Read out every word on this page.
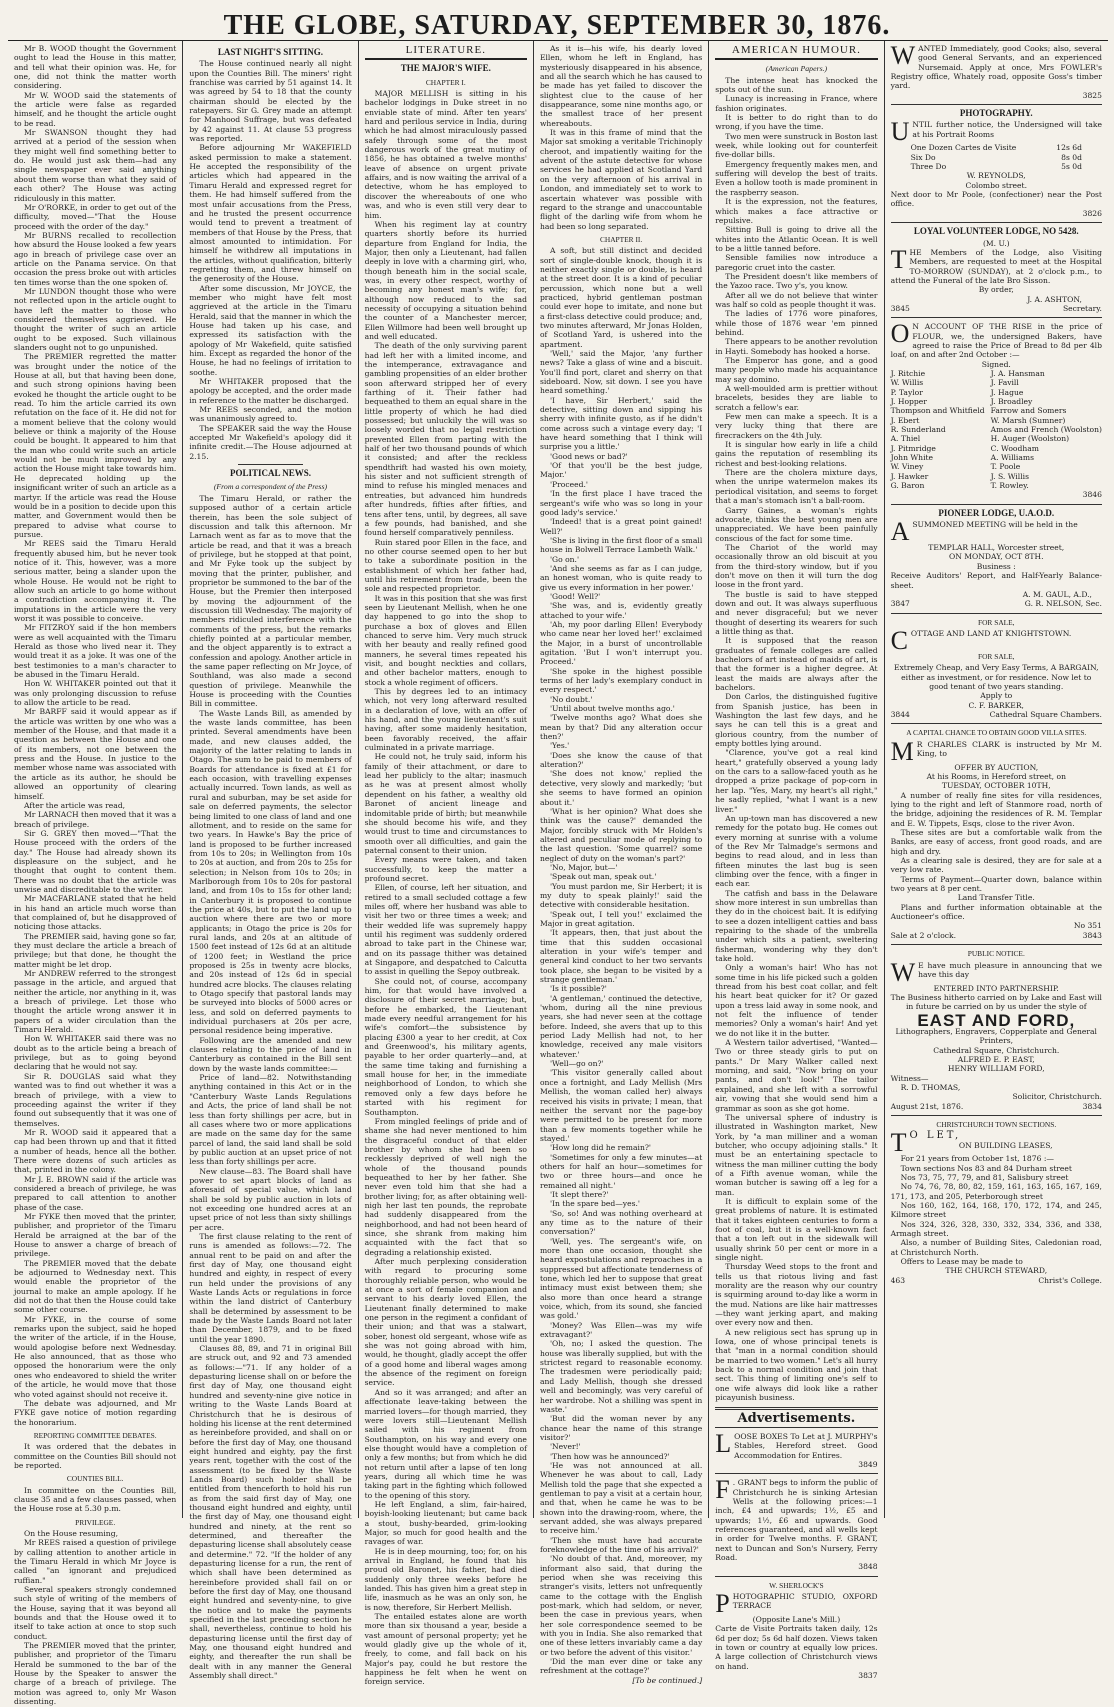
THE GLOBE, SATURDAY, SEPTEMBER 30, 1876.

Mr B. WOOD thought the Government ought to lead the House in this matter, and tell what their opinion was. He, for one, did not think the matter worth considering.

Mr W. WOOD said the statements of the article were false as regarded himself, and he thought the article ought to be read.

Mr SWANSON thought they had arrived at a period of the session when they might well find something better to do. He would just ask them—had any single newspaper ever said anything about them worse than what they said of each other? The House was acting ridiculously in this matter.

Mr O'RORKE, in order to get out of the difficulty, moved—"That the House proceed with the order of the day."

Mr BURNS recalled to recollection how absurd the House looked a few years ago in breach of privilege case over an article on the Panama service. On that occasion the press broke out with articles ten times worse than the one spoken of.

Mr LUNDON thought those who were not reflected upon in the article ought to have left the matter to those who considered themselves aggrieved. He thought the writer of such an article ought to be exposed. Such villainous slanders ought not to go unpunished.

The PREMIER regretted the matter was brought under the notice of the House at all, but that having been done, and such strong opinions having been evoked he thought the article ought to be read. To him the article carried its own refutation on the face of it. He did not for a moment believe that the colony would believe or think a majority of the House could be bought. It appeared to him that the man who could write such an article would not be much improved by any action the House might take towards him. He deprecated holding up the insignificant writer of such an article as a martyr. If the article was read the House would be in a position to decide upon this matter, and Government would then be prepared to advise what course to pursue.

Mr REES said the Timaru Herald frequently abused him, but he never took notice of it. This, however, was a more serious matter, being a slander upon the whole House. He would not be right to allow such an article to go home without a contradiction accompanying it. The imputations in the article were the very worst it was possible to conceive.

Mr FITZROY said if the hon members were as well acquainted with the Timaru Herald as those who lived near it. They would treat it as a joke. It was one of the best testimonies to a man's character to be abused in the Timaru Herald.

Hon W. WHITAKER pointed out that it was only prolonging discussion to refuse to allow the article to be read.

Mr BARFF said it would appear as if the article was written by one who was a member of the House, and that made it a question as between the House and one of its members, not one between the press and the House. In justice to the member whose name was associated with the article as its author, he should be allowed an opportunity of clearing himself.

After the article was read,

Mr LARNACH then moved that it was a breach of privilege.

Sir G. GREY then moved—"That the House proceed with the orders of the day." The House had already shown its displeasure on the subject, and he thought that ought to content them. There was no doubt that the article was unwise and discreditable to the writer.

Mr MACFARLANE stated that he held in his hand an article much worse than that complained of, but he disapproved of noticing those attacks.

The PREMIER said, having gone so far, they must declare the article a breach of privilege; but that done, he thought the matter might be let drop.

Mr ANDREW referred to the strongest passage in the article, and argued that neither the article, nor anything in it, was a breach of privilege. Let those who thought the article wrong answer it in papers of a wider circulation than the Timaru Herald.

Hon W. WHITAKER said there was no doubt as to the article being a breach of privilege, but as to going beyond declaring that he would not say.

Sir R. DOUGLAS said what they wanted was to find out whether it was a breach of privilege, with a view to proceeding against the writer if they found out subsequently that it was one of themselves.

Mr R. WOOD said it appeared that a cap had been thrown up and that it fitted a number of heads, hence all the bother. There were dozens of such articles as that, printed in the colony.

Mr J. E. BROWN said if the article was considered a breach of privilege, he was prepared to call attention to another phase of the case.

Mr FYKE then moved that the printer, publisher, and proprietor of the Timaru Herald be arraigned at the bar of the House to answer a charge of breach of privilege.

The PREMIER moved that the debate be adjourned to Wednesday next. This would enable the proprietor of the journal to make an ample apology. If he did not do that then the House could take some other course.

Mr FYKE, in the course of some remarks upon the subject, said he hoped the writer of the article, if in the House, would apologise before next Wednesday. He also announced, that as those who opposed the honorarium were the only ones who endeavored to shield the writer of the article, he would move that those who voted against should not receive it.

The debate was adjourned, and Mr FYKE gave notice of motion regarding the honorarium.

REPORTING COMMITTEE DEBATES.

It was ordered that the debates in committee on the Counties Bill should not be reported.

COUNTIES BILL.

In committee on the Counties Bill, clause 35 and a few clauses passed, when the House rose at 5.30 p.m.

PRIVILEGE.

On the House resuming,

Mr REES raised a question of privilege by calling attention to another article in the Timaru Herald in which Mr Joyce is called "an ignorant and prejudiced ruffian."

Several speakers strongly condemned such style of writing of the members of the House, saying that it was beyond all bounds and that the House owed it to itself to take action at once to stop such conduct.

The PREMIER moved that the printer, publisher, and proprietor of the Timaru Herald be summoned to the bar of the House by the Speaker to answer the charge of a breach of privilege. The motion was agreed to, only Mr Wason dissenting.

LAST NIGHT'S SITTING.

The House continued nearly all night upon the Counties Bill. The miners' right franchise was carried by 51 against 14. It was agreed by 54 to 18 that the county chairman should be elected by the ratepayers. Sir G. Grey made an attempt for Manhood Suffrage, but was defeated by 42 against 11. At clause 53 progress was reported.

Before adjourning Mr WAKEFIELD asked permission to make a statement. He accepted the responsibility of the articles which had appeared in the Timaru Herald and expressed regret for them. He had himself suffered from the most unfair accusations from the Press, and he trusted the present occurrence would tend to prevent a treatment of members of that House by the Press, that almost amounted to intimidation. For himself he withdrew all imputations in the articles, without qualification, bitterly regretting them, and threw himself on the generosity of the House.

After some discussion, Mr JOYCE, the member who might have felt most aggrieved at the article in the Timaru Herald, said that the manner in which the House had taken up his case, and expressed its satisfaction with the apology of Mr Wakefield, quite satisfied him. Except as regarded the honor of the House, he had no feelings of irritation to soothe.

Mr WHITAKER proposed that the apology be accepted, and the order made in reference to the matter be discharged.

Mr REES seconded, and the motion was unanimously agreed to.

The SPEAKER said the way the House accepted Mr Wakefield's apology did it infinite credit.—The House adjourned at 2.15.

POLITICAL NEWS.
(From a correspondent of the Press)

The Timaru Herald, or rather the supposed author of a certain article therein, has been the sole subject of discussion and talk this afternoon. Mr Larnach went as far as to move that the article be read, and that it was a breach of privilege, but he stopped at that point, and Mr Fyke took up the subject by moving that the printer, publisher, and proprietor be summoned to the bar of the House, but the Premier then interposed by moving the adjournment of the discussion till Wednesday. The majority of members ridiculed interference with the comments of the press, but the remarks chiefly pointed at a particular member, and the object apparently is to extract a confession and apology. Another article in the same paper reflecting on Mr Joyce, of Southland, was also made a second question of privilege. Meanwhile the House is proceeding with the Counties Bill in committee.

The Waste Lands Bill, as amended by the waste lands committee, has been printed. Several amendments have been made, and new clauses added, the majority of the latter relating to lands in Otago. The sum to be paid to members of Boards for attendance is fixed at £1 for each occasion, with travelling expenses actually incurred. Town lands, as well as rural and suburban, may be set aside for sale on deferred payments, the selector being limited to one class of land and one allotment, and to reside on the same for two years. In Hawke's Bay the price of land is proposed to be further increased from 10s to 20s; in Wellington from 10s to 20s at auction, and from 20s to 25s for selection; in Nelson from 10s to 20s; in Marlborough from 10s to 20s for pastoral land, and from 10s to 15s for other land; in Canterbury it is proposed to continue the price at 40s, but to put the land up to auction where there are two or more applicants; in Otago the price is 20s for rural lands, and 20s at an altitude of 1500 feet instead of 12s 6d at an altitude of 1200 feet; in Westland the price proposed is 25s in twenty acre blocks, and 20s instead of 12s 6d in special hundred acre blocks. The clauses relating to Otago specify that pastoral lands may be surveyed into blocks of 5000 acres or less, and sold on deferred payments to individual purchasers at 20s per acre, personal residence being imperative.

Following are the amended and new clauses relating to the price of land in Canterbury as contained in the Bill sent down by the waste lands committee:—

Price of land—82. Notwithstanding anything contained in this Act or in the "Canterbury Waste Lands Regulations and Acts, the price of land shall be not less than forty shillings per acre, but in all cases where two or more applications are made on the same day for the same parcel of land, the said land shall be sold by public auction at an upset price of not less than forty shillings per acre.

New clause—83. The Board shall have power to set apart blocks of land as aforesaid of special value, which land shall be sold by public auction in lots of not exceeding one hundred acres at an upset price of not less than sixty shillings per acre.

The first clause relating to the rent of runs is amended as follows:—72. The annual rent to be paid on and after the first day of May, one thousand eight hundred and eighty, in respect of every run held under the provisions of any Waste Lands Acts or regulations in force within the land district of Canterbury shall be determined by assessment to be made by the Waste Lands Board not later than December, 1879, and to be fixed until the year 1890.

Clauses 88, 89, and 71 in original Bill are struck out, and 92 and 73 amended as follows:—"71. If any holder of a depasturing license shall on or before the first day of May, one thousand eight hundred and seventy-nine give notice in writing to the Waste Lands Board at Christchurch that he is desirous of holding his license at the rent determined as hereinbefore provided, and shall on or before the first day of May, one thousand eight hundred and eighty, pay the first years rent, together with the cost of the assessment (to be fixed by the Waste Lands Board) such holder shall be entitled from thenceforth to hold his run as from the said first day of May, one thousand eight hundred and eighty, until the first day of May, one thousand eight hundred and ninety, at the rent so determined, and thereafter the depasturing license shall absolutely cease and determine." 72. "If the holder of any depasturing license for a run, the rent of which shall have been determined as hereinbefore provided shall fail on or before the first day of May, one thousand eight hundred and seventy-nine, to give the notice and to make the payments specified in the last preceding section he shall, nevertheless, continue to hold his depasturing license until the first day of May, one thousand eight hundred and eighty, and thereafter the run shall be dealt with in any manner the General Assembly shall direct."

LITERATURE.
THE MAJOR'S WIFE.
CHAPTER I.

MAJOR MELLISH is sitting in his bachelor lodgings in Duke street in no enviable state of mind. After ten years' hard and perilous service in India, during which he had almost miraculously passed safely through some of the most dangerous work of the great mutiny of 1856, he has obtained a twelve months' leave of absence on urgent private affairs, and is now waiting the arrival of a detective, whom he has employed to discover the whereabouts of one who was, and who is even still very dear to him.

When his regiment lay at country quarters shortly before its hurried departure from England for India, the Major, then only a Lieutenant, had fallen deeply in love with a charming girl, who, though beneath him in the social scale, was, in every other respect, worthy of becoming any honest man's wife; for, although now reduced to the sad necessity of occupying a situation behind the counter of a Manchester mercer, Ellen Willmore had been well brought up and well educated.

The death of the only surviving parent had left her with a limited income, and the intemperance, extravagance and gambling propensities of an elder brother soon afterward stripped her of every farthing of it. Their father had bequeathed to them an equal share in the little property of which he had died possessed; but unluckily the will was so loosely worded that no legal restriction prevented Ellen from parting with the half of her two thousand pounds of which it consisted; and after the reckless spendthrift had wasted his own moiety, his sister and not sufficient strength of mind to refuse his mingled menaces and entreaties, but advanced him hundreds after hundreds, fifties after fifties, and tens after tens, until, by degrees, all save a few pounds, had banished, and she found herself comparatively penniless.

Ruin stared poor Ellen in the face, and no other course seemed open to her but to take a subordinate position in the establishment of which her father had, until his retirement from trade, been the sole and respected proprietor.

It was in this position that she was first seen by Lieutenant Mellish, when he one day happened to go into the shop to purchase a box of gloves and Ellen chanced to serve him. Very much struck with her beauty and really refined good manners, he several times repeated his visit, and bought neckties and collars, and other bachelor matters, enough to stock a whole regiment of officers.

This by degrees led to an intimacy which, not very long afterward resulted in a declaration of love, with an offer of his hand, and the young lieutenant's suit having, after some maidenly hesitation, been favorably received, the affair culminated in a private marriage.

He could not, he truly said, inform his family of their attachment, or dare to lead her publicly to the altar; inasmuch as he was at present almost wholly dependent on his father, a wealthy old Baronet of ancient lineage and indomitable pride of birth; but meanwhile she should become his wife, and they would trust to time and circumstances to smooth over all difficulties, and gain the paternal consent to their union.

Every means were taken, and taken successfully, to keep the matter a profound secret.

Ellen, of course, left her situation, and retired to a small secluded cottage a few miles off, where her husband was able to visit her two or three times a week; and their wedded life was supremely happy until his regiment was suddenly ordered abroad to take part in the Chinese war, and on its passage thither was detained at Singapore, and despatched to Calcutta to assist in quelling the Sepoy outbreak.

She could not, of course, accompany him, for that would have involved a disclosure of their secret marriage; but, before he embarked, the Lieutenant made every needful arrangement for his wife's comfort—the subsistence by placing £300 a year to her credit, at Cox and Greenwood's, his military agents, payable to her order quarterly—and, at the same time taking and furnishing a small house for her, in the immediate neighborhood of London, to which she removed only a few days before he started with his regiment for Southampton.

From mingled feelings of pride and of shame she had never mentioned to him the disgraceful conduct of that elder brother by whom she had been so recklessly deprived of well nigh the whole of the thousand pounds bequeathed to her by her father. She never even told him that she had a brother living; for, as after obtaining well-nigh her last ten pounds, the reprobate had suddenly disappeared from the neighborhood, and had not been heard of since, she shrank from making him acquainted with the fact that so degrading a relationship existed.

After much perplexing consideration with regard to procuring some thoroughly reliable person, who would be at once a sort of female companion and servant to his dearly loved Ellen, the Lieutenant finally determined to make one person in the regiment a confidant of their union; and that was a stalwart, sober, honest old sergeant, whose wife as she was not going abroad with him, would, he thought, gladly accept the offer of a good home and liberal wages among the absence of the regiment on foreign service.

And so it was arranged; and after an affectionate leave-taking between the married lovers—for though married, they were lovers still—Lieutenant Mellish sailed with his regiment from Southampton, on his way and every one else thought would have a completion of only a few months; but from which he did not return until after a lapse of ten long years, during all which time he was taking part in the fighting which followed to the opening of this story.

He left England, a slim, fair-haired, boyish-looking lieutenant; but came back a stout, bushy-bearded, grim-looking Major, so much for good health and the ravages of war.

He is in deep mourning, too; for, on his arrival in England, he found that his proud old Baronet, his father, had died suddenly only three weeks before he landed. This has given him a great step in life, inasmuch as he was an only son, he is now, therefore, Sir Herbert Mellish.

The entailed estates alone are worth more than six thousand a year, beside a vast amount of personal property; yet he would gladly give up the whole of it, freely, to come, and fall back on his Major's pay, could he but restore the happiness he felt when he went on foreign service.

As it is—his wife, his dearly loved Ellen, whom he left in England, has mysteriously disappeared in his absence, and all the search which he has caused to be made has yet failed to discover the slightest clue to the cause of her disappearance, some nine months ago, or the smallest trace of her present whereabouts.

It was in this frame of mind that the Major sat smoking a veritable Trichinoply cheroot, and impatiently waiting for the advent of the astute detective for whose services he had applied at Scotland Yard on the very afternoon of his arrival in London, and immediately set to work to ascertain whatever was possible with regard to the strange and unaccountable flight of the darling wife from whom he had been so long separated.

CHAPTER II.

A soft, but still distinct and decided sort of single-double knock, though it is neither exactly single or double, is heard at the street door. It is a kind of peculiar percussion, which none but a well practiced, hybrid gentleman postman could ever hope to imitate, and none but a first-class detective could produce; and, two minutes afterward, Mr Jonas Holden, of Scotland Yard, is ushered into the apartment.

'Well,' said the Major, 'any further news? Take a glass of wine and a biscuit. You'll find port, claret and sherry on that sideboard. Now, sit down. I see you have heard something.'

'I have, Sir Herbert,' said the detective, sitting down and sipping his sherry with infinite gusto, as if he didn't come across such a vintage every day; 'I have heard something that I think will surprise you a little.'

'Good news or bad?'

'Of that you'll be the best judge, Major.'

'Proceed.'

'In the first place I have traced the sergeant's wife who was so long in your good lady's service.'

'Indeed! that is a great point gained! Well?'

'She is living in the first floor of a small house in Bolwell Terrace Lambeth Walk.'

'Go on.'

'And she seems as far as I can judge, an honest woman, who is quite ready to give us every information in her power.'

'Good! Well?'

'She was, and is, evidently greatly attached to your wife.'

'Ah, my poor darling Ellen! Everybody who came near her loved her!' exclaimed the Major, in a burst of uncontrollable agitation. 'But I won't interrupt you. Proceed.'

'She spoke in the highest possible terms of her lady's exemplary conduct in every respect.'

'No doubt.'

'Until about twelve months ago.'

'Twelve months ago? What does she mean by that? Did any alteration occur then?'

'Yes.'

'Does she know the cause of that alteration?'

'She does not know,' replied the detective, very slowly and markedly; 'but she seems to have formed an opinion about it.'

'What is her opinion? What does she think was the cause?' demanded the Major, forcibly struck with Mr Holden's altered and peculiar mode of replying to the last question. 'Some quarrel? some neglect of duty on the woman's part?'

'No, Major, but—'

'Speak out man, speak out.'

'You must pardon me, Sir Herbert; it is my duty to speak plainly!' said the detective with considerable hesitation.

'Speak out, I tell you!' exclaimed the Major in great agitation.

'It appears, then, that just about the time that this sudden occasional alteration in your wife's temper and general kind conduct to her two servants took place, she began to be visited by a strange gentleman.'

'Is it possible?'

'A gentleman,' continued the detective, 'whom, during all the nine previous years, she had never seen at the cottage before. Indeed, she avers that up to this period Lady Mellish had not, to her knowledge, received any male visitors whatever.'

'Well—go on?'

'This visitor generally called about once a fortnight, and Lady Mellish (Mrs Mellish, the woman called her) always received his visits in private; I mean, that neither the servant nor the page-boy were permitted to be present for more than a few moments together while he stayed.'

'How long did he remain?'

'Sometimes for only a few minutes—at others for half an hour—sometimes for two or three hours—and once he remained all night.'

'It slept there?'

'In the spare bed—yes.'

'So, so! And was nothing overheard at any time as to the nature of their conversation?'

'Well, yes. The sergeant's wife, on more than one occasion, thought she heard expostulations and reproaches in a suppressed but affectionate tenderness of tone, which led her to suppose that great intimacy must exist between them; she also more than once heard a strange voice, which, from its sound, she fancied was gold.'

'Money? Was Ellen—was my wife extravagant?'

'Oh, no; I asked the question. The house was liberally supplied, but with the strictest regard to reasonable economy. The tradesmen were periodically paid; and Lady Mellish, though she dressed well and becomingly, was very careful of her wardrobe. Not a shilling was spent in waste.'

'But did the woman never by any chance hear the name of this strange visitor?'

'Never!'

'Then how was he announced?'

'He was not announced at all. Whenever he was about to call, Lady Mellish told the page that she expected a gentleman to pay a visit at a certain hour, and that, when he came he was to be shown into the drawing-room, where, the servant added, she was always prepared to receive him.'

'Then she must have had accurate foreknowledge of the time of his arrival?'

'No doubt of that. And, moreover, my informant also said, that during the period when she was receiving this stranger's visits, letters not unfrequently came to the cottage with the English post-mark, which had seldom, or never, been the case in previous years, when her sole correspondence seemed to be with you in India. She also remarked that one of these letters invariably came a day or two before the advent of this visitor.'

'Did the man ever dine or take any refreshment at the cottage?'

[To be continued.]

AMERICAN HUMOUR.
(American Papers.)

The intense heat has knocked the spots out of the sun.

Lunacy is increasing in France, where fashion originates.

It is better to do right than to do wrong, if you have the time.

Two men were sunstruck in Boston last week, while looking out for counterfeit five-dollar bills.

Emergency frequently makes men, and suffering will develop the best of traits. Even a hollow tooth is made prominent in the raspberry season.

It is the expression, not the features, which makes a face attractive or repulsive.

Sitting Bull is going to drive all the whites into the Atlantic Ocean. It is well to be a little tanned before.

Sensible families now introduce a paregoric cruet into the caster.

The President doesn't like members of the Yazoo race. Two y's, you know.

After all we do not believe that winter was half so cold as people thought it was.

The ladies of 1776 wore pinafores, while those of 1876 wear 'em pinned behind.

There appears to be another revolution in Hayti. Somebody has hooked a horse.

The Emperor has gone, and a good many people who made his acquaintance may say domino.

A well-moulded arm is prettier without bracelets, besides they are liable to scratch a fellow's ear.

Few men can make a speech. It is a very lucky thing that there are firecrackers on the 4th July.

It is singular how early in life a child gains the reputation of resembling its richest and best-looking relations.

There are the cholera mixture days, when the unripe watermelon makes its periodical visitation, and seems to forget that a man's stomach isn't a ball-room.

Garry Gaines, a woman's rights advocate, thinks the best young men are unappreciated. We have been painfully conscious of the fact for some time.

The Chariot of the world may occasionally throw an old biscuit at you from the third-story window, but if you don't move on then it will turn the dog loose in the front yard.

The bustle is said to have stepped down and out. It was always superfluous and never disgraceful; but we never thought of deserting its wearers for such a little thing as that.

It is supposed that the reason graduates of female colleges are called bachelors of art instead of maids of art, is that the former is a higher degree. At least the maids are always after the bachelors.

Don Carlos, the distinguished fugitive from Spanish justice, has been in Washington the last few days, and he says he can tell this is a great and glorious country, from the number of empty bottles lying around.

"Clarence, you've got a real kind heart," gratefully observed a young lady on the cars to a sallow-faced youth as he dropped a prize package of pop-corn in her lap. "Yes, Mary, my heart's all right," he sadly replied, "what I want is a new liver."

An up-town man has discovered a new remedy for the potato bug. He comes out every morning at sunrise with a volume of the Rev Mr Talmadge's sermons and begins to read aloud, and in less than fifteen minutes the last bug is seen climbing over the fence, with a finger in each ear.

The catfish and bass in the Delaware show more interest in sun umbrellas than they do in the choicest bait. It is edifying to see a dozen intelligent catties and bass repairing to the shade of the umbrella under which sits a patient, sweltering fisherman, wondering why they don't take hold.

Only a woman's hair! Who has not some time in his life picked such a golden thread from his best coat collar, and felt his heart beat quicker for it? Or gazed upon a tress laid away in some nook, and not felt the influence of tender memories? Only a woman's hair! And yet we do not like it in the butter.

A Western tailor advertised, "Wanted—Two or three steady girls to put on pants." Dr Mary Walker called next morning, and said, "Now bring on your pants, and don't look!" The tailor explained, and she left with a sorrowful air, vowing that she would send him a grammar as soon as she got home.

The universal sphere of industry is illustrated in Washington market, New York, by "a man milliner and a woman butcher, who occupy adjoining stalls." It must be an entertaining spectacle to witness the man milliner cutting the body of a Fifth avenue woman, while the woman butcher is sawing off a leg for a man.

It is difficult to explain some of the great problems of nature. It is estimated that it takes eighteen centuries to form a foot of coal, but it is a well-known fact that a ton left out in the sidewalk will usually shrink 50 per cent or more in a single night.

Thursday Weed stops to the front and tells us that riotous living and fast morality are the reason why our country is squirming around to-day like a worm in the mud. Nations are like hair mattresses—they want jerking apart, and making over every now and then.

A new religious sect has sprung up in Iowa, one of whose principal tenets is that "man in a normal condition should be married to two women." Let's all hurry back to a normal condition and join that sect. This thing of limiting one's self to one wife always did look like a rather picayunish business.

Advertisements.
LOOSE BOXES To Let at J. MURPHY's Stables, Hereford street. Good Accommodation for Entires.
3849
F . GRANT begs to inform the public of Christchurch he is sinking Artesian Wells at the following prices:—1 inch, £4 and upwards; 1½, £5 and upwards; 1½, £6 and upwards. Good references guaranteed, and all wells kept in order for Twelve months. F. GRANT, next to Duncan and Son's Nursery, Ferry Road.
3848
W. SHERLOCK'S
P HOTOGRAPHIC STUDIO, OXFORD TERRACE
(Opposite Lane's Mill.)
Carte de Visite Portraits taken daily, 12s 6d per doz; 5s 6d half dozen. Views taken in town or country at equally low prices. A large collection of Christchurch views on hand.
3837
WANTED Immediately, good Cooks; also, several good General Servants, and an experienced Nursemaid. Apply at once, Mrs FOWLER's Registry office, Whately road, opposite Goss's timber yard.
3825
PHOTOGRAPHY.
U NTIL further notice, the Undersigned will take at his Portrait Rooms
One Dozen Cartes de Visite	12s 6d
Six Do	8s 0d
Three Do	5s 0d
W. REYNOLDS,
Colombo street.
Next door to Mr Poole, (confectioner) near the Post office.
3826
LOYAL VOLUNTEER LODGE, NO 5428.
(M. U.)
T HE Members of the Lodge, also Visiting Members, are requested to meet at the Hospital TO-MORROW (SUNDAY), at 2 o'clock p.m., to attend the Funeral of the late Bro Sisson.
By order,
J. A. ASHTON,
3845	Secretary.
O N ACCOUNT OF THE RISE in the price of FLOUR, we, the undersigned Bakers, have agreed to raise the Price of Bread to 8d per 4lb loaf, on and after 2nd October :—
Signed.
J. Ritchie	J. A. Hansman
W. Willis	J. Favill
P. Taylor	J. Hague
J. Hopper	J. Broadley
Thompson and Whitfield Farrow and Somers
J. Ebert	W. Marsh (Sumner)
R. Sunderland	Amos and French (Woolston)
A. Thiel	H. Auger (Woolston)
J. Pitmridge	C. Woodham
John White	A. Williams
W. Viney	T. Poole
J. Hawker	J. S. Willis
G. Baron	T. Rowley.
3846
PIONEER LODGE, U.A.O.D.
A SUMMONED MEETING will be held in the
TEMPLAR HALL, Worcester street,
ON MONDAY, OCT 8TH.
Business :
Receive Auditors' Report, and Half-Yearly Balance-sheet.
A. M. GAUL, A.D.,
3847	G. R. NELSON, Sec.
FOR SALE,
C OTTAGE AND LAND AT KNIGHTSTOWN.
FOR SALE,
Extremely Cheap, and Very Easy Terms, A BARGAIN, either as investment, or for residence. Now let to good tenant of two years standing.
Apply to
C. F. BARKER,
3844	Cathedral Square Chambers.
A CAPITAL CHANCE TO OBTAIN GOOD VILLA SITES.
M R CHARLES CLARK is instructed by Mr M. King, to
OFFER BY AUCTION,
At his Rooms, in Hereford street, on
TUESDAY, OCTOBER 10TH,

A number of really fine sites for villa residences, lying to the right and left of Stanmore road, north of the bridge, adjoining the residences of R. M. Templar and E. W. Tippets, Esqs, close to the river Avon.

These sites are but a comfortable walk from the Banks, are easy of access, front good roads, and are high and dry.

As a clearing sale is desired, they are for sale at a very low rate.

Terms of Payment—Quarter down, balance within two years at 8 per cent.

Land Transfer Title.

Plans and further information obtainable at the Auctioneer's office.

No 351
Sale at 2 o'clock.	3843
PUBLIC NOTICE.
W E have much pleasure in announcing that we have this day
ENTERED INTO PARTNERSHIP.
The Business hitherto carried on by Lake and East will in future be carried on by us under the style of
EAST AND FORD,
Lithographers, Engravers, Copperplate and General Printers,
Cathedral Square, Christchurch.
ALFRED E. P. EAST,
HENRY WILLIAM FORD,
Witness—
R. D. THOMAS,
Solicitor, Christchurch.
August 21st, 1876.	3834
CHRISTCHURCH TOWN SECTIONS.
T O LET,
ON BUILDING LEASES,

For 21 years from October 1st, 1876 :—

Town sections Nos 83 and 84 Durham street

Nos 73, 75, 77, 79, and 81, Salisbury street

No 74, 76, 78, 80, 82, 159, 161, 163, 165, 167, 169, 171, 173, and 205, Peterborough street

Nos 160, 162, 164, 168, 170, 172, 174, and 245, Kilmore street

Nos 324, 326, 328, 330, 332, 334, 336, and 338, Armagh street.

Also, a number of Building Sites, Caledonian road, at Christchurch North.

Offers to Lease may be made to

THE CHURCH STEWARD,
463	Christ's College.
